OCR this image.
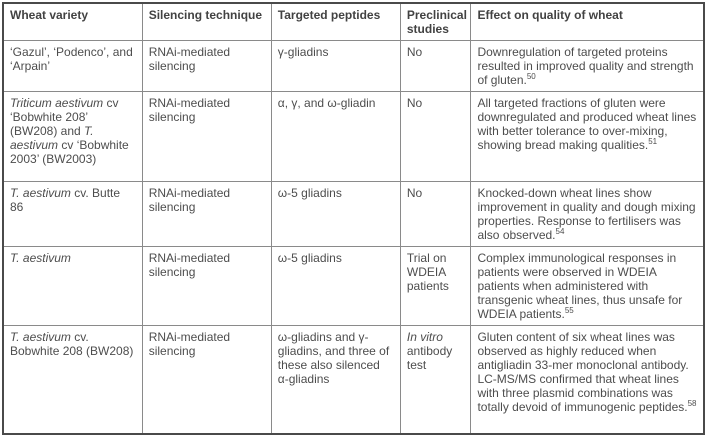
Wheat variety	Silencing technique	Targeted peptides	Preclinical studies	Effect on quality of wheat
‘Gazul’, ‘Podenco’, and ‘Arpain’	RNAi-mediated silencing	γ-gliadins	No	Downregulation of targeted proteins resulted in improved quality and strength of gluten.$^{50}$
Triticum aestivum cv ‘Bobwhite 208’ (BW208) and T. aestivum cv ‘Bobwhite 2003’ (BW2003)	RNAi-mediated silencing	α, γ, and ω-gliadin	No	All targeted fractions of gluten were downregulated and produced wheat lines with better tolerance to over-mixing, showing bread making qualities.$^{51}$
T. aestivum cv. Butte 86	RNAi-mediated silencing	ω-5 gliadins	No	Knocked-down wheat lines show improvement in quality and dough mixing properties. Response to fertilisers was also observed.$^{54}$
T. aestivum	RNAi-mediated silencing	ω-5 gliadins	Trial on WDEIA patients	Complex immunological responses in patients were observed in WDEIA patients when administered with transgenic wheat lines, thus unsafe for WDEIA patients.$^{55}$
T. aestivum cv. Bobwhite 208 (BW208)	RNAi-mediated silencing	ω-gliadins and γ-gliadins, and three of these also silenced α-gliadins	In vitro antibody test	Gluten content of six wheat lines was observed as highly reduced when antigliadin 33-mer monoclonal antibody. LC-MS/MS confirmed that wheat lines with three plasmid combinations was totally devoid of immunogenic peptides.$^{58}$
